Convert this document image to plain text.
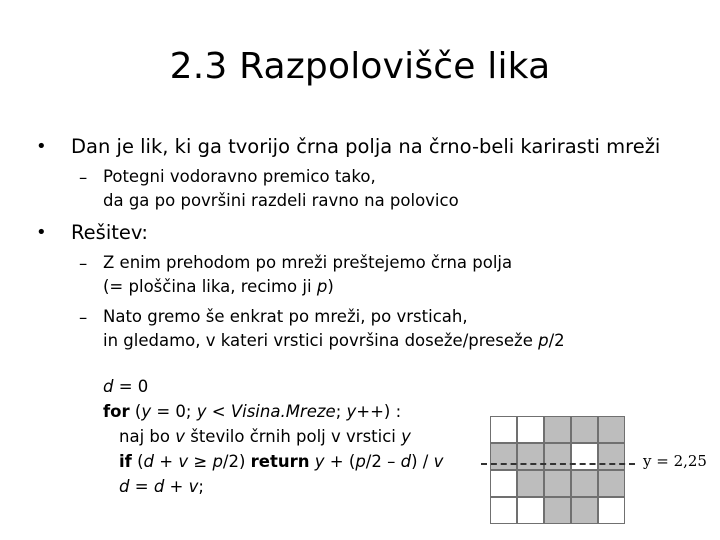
2.3 Razpolovišče lika
• Dan je lik, ki ga tvorijo črna polja na črno-beli karirasti mreži
– Potegni vodoravno premico tako,
da ga po površini razdeli ravno na polovico
• Rešitev:
– Z enim prehodom po mreži preštejemo črna polja
(= ploščina lika, recimo ji p)
– Nato gremo še enkrat po mreži, po vrsticah,
in gledamo, v kateri vrstici površina doseže/preseže p/2
d = 0
for (y = 0; y < Visina.Mreze; y++) :
naj bo v število črnih polj v vrstici y
if (d + v ≥ p/2) return y + (p/2 – d) / v
d = d + v;
y = 2,25
